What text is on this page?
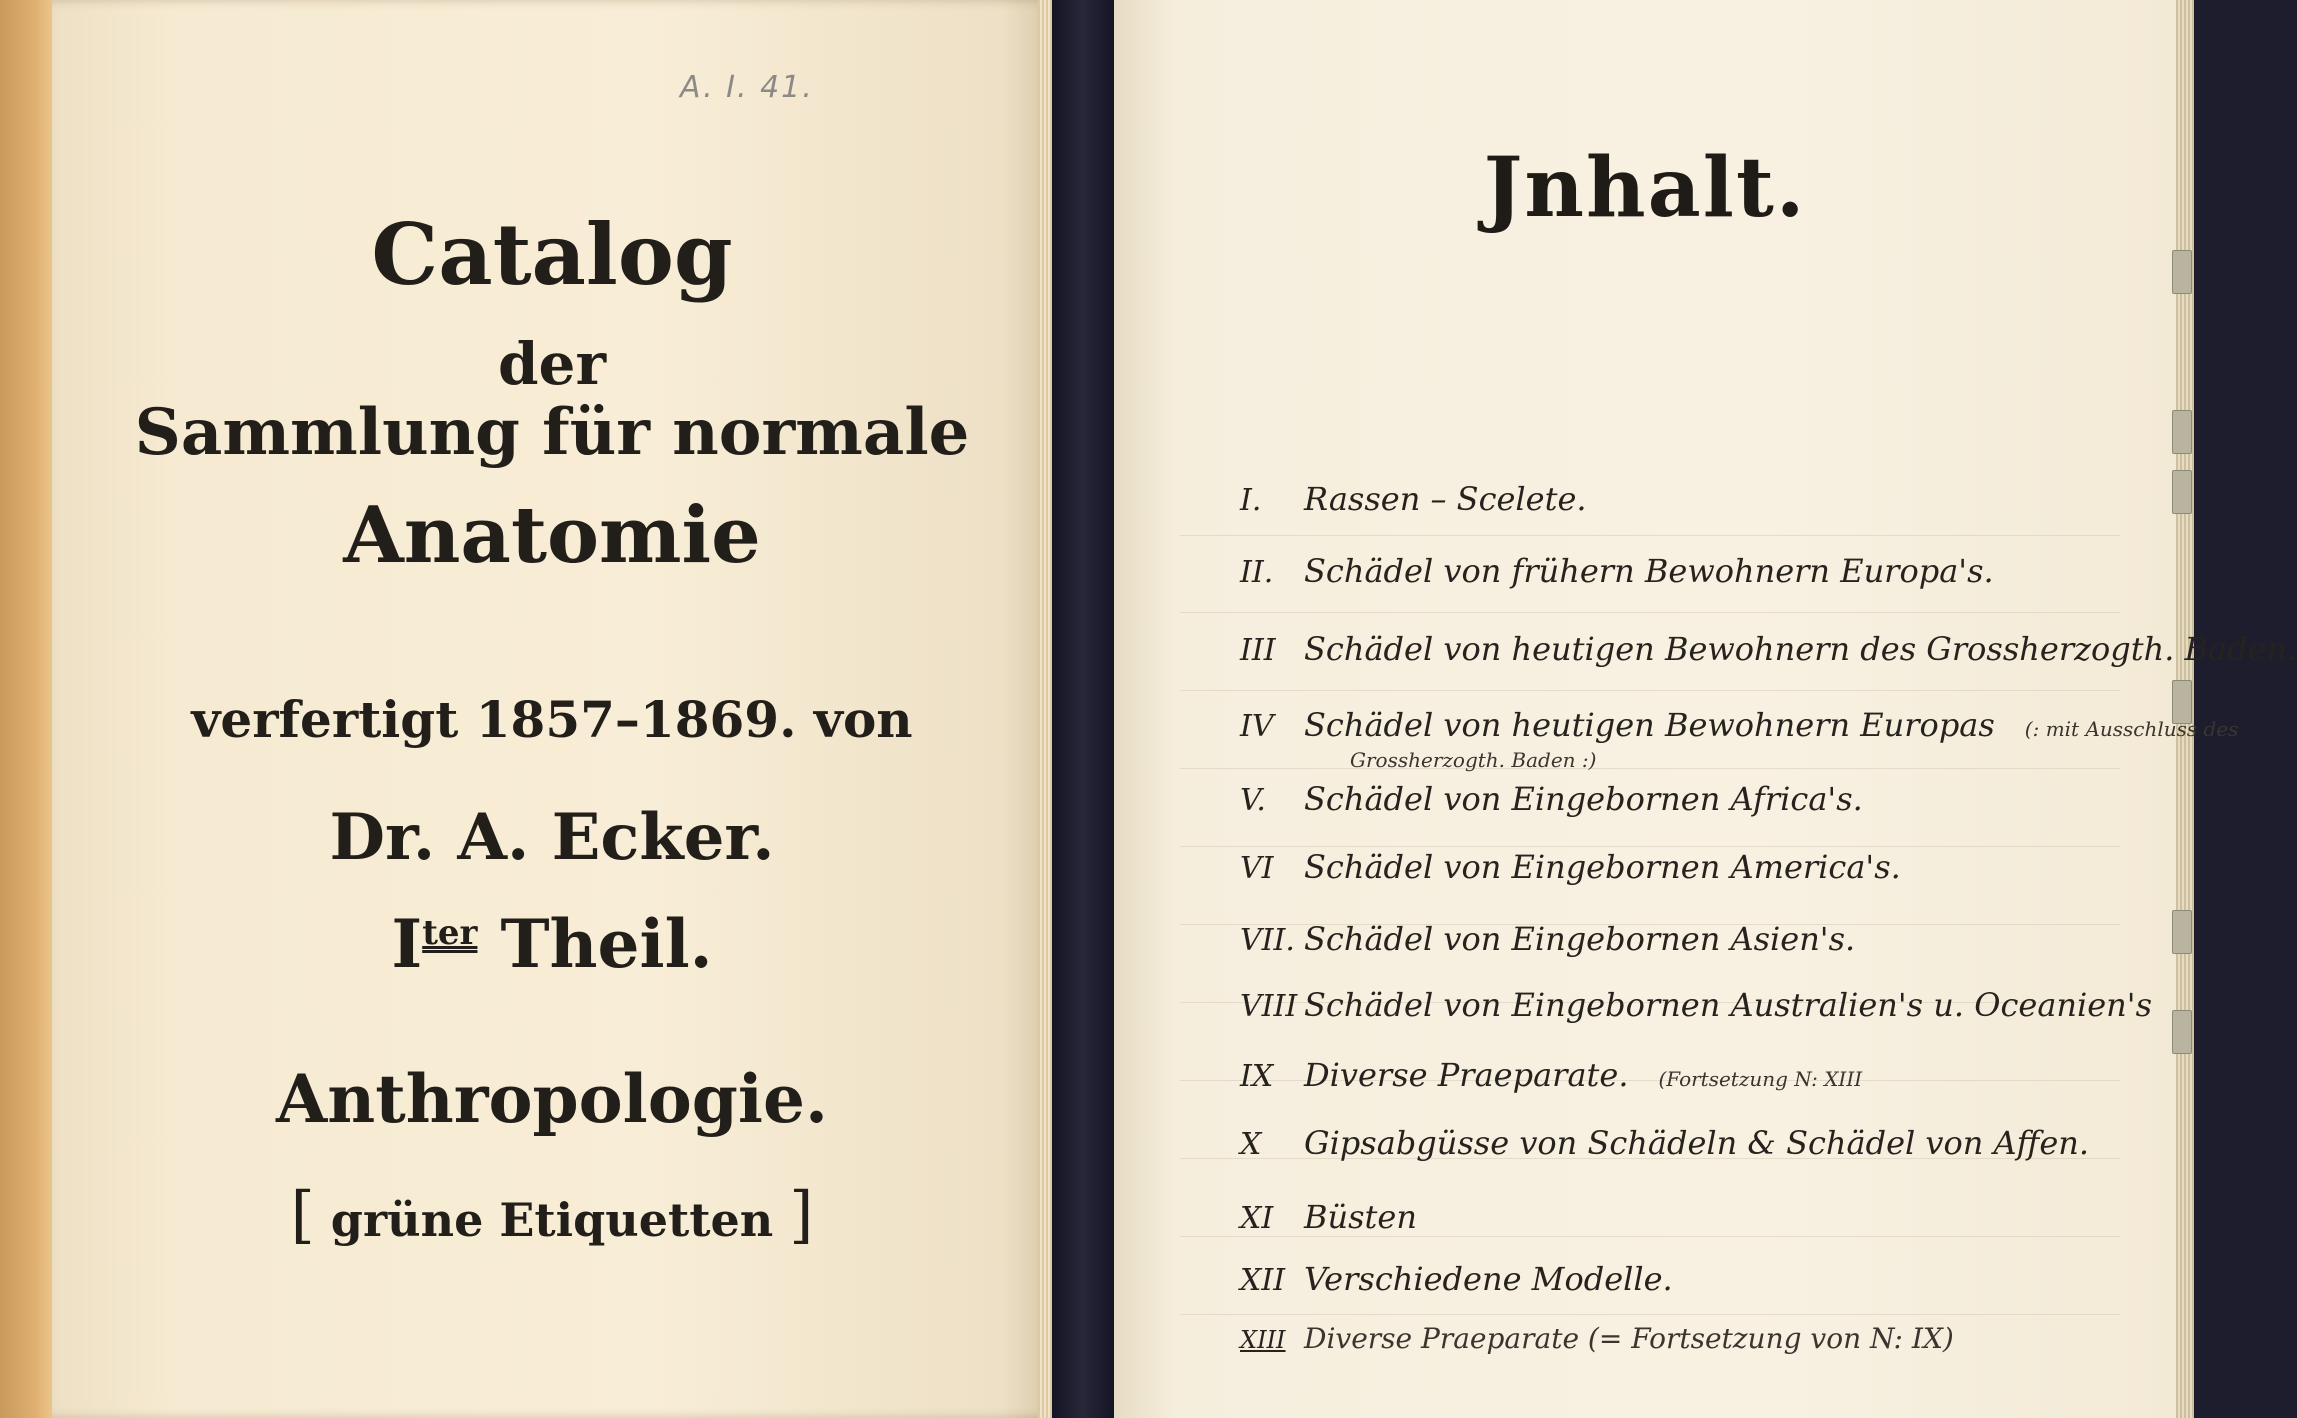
A. I. 41.
Catalog
der
Sammlung für normale
Anatomie
verfertigt 1857–1869. von
Dr. A. Ecker.
$I^{ter}$ Theil.
Anthropologie.
[ grüne Etiquetten ]
Jnhalt.
I. Rassen – Scelete.
II. Schädel von frühern Bewohnern Europa's.
III Schädel von heutigen Bewohnern des Grossherzogth. Baden.
IV Schädel von heutigen Bewohnern Europas (: mit Ausschluss des
Grossherzogth. Baden :)
V. Schädel von Eingebornen Africa's.
VI Schädel von Eingebornen America's.
VII. Schädel von Eingebornen Asien's.
VIII Schädel von Eingebornen Australien's u. Oceanien's
IX Diverse Praeparate. (Fortsetzung N: XIII
X Gipsabgüsse von Schädeln & Schädel von Affen.
XI Büsten
XII Verschiedene Modelle.
XIII Diverse Praeparate (= Fortsetzung von N: IX)
